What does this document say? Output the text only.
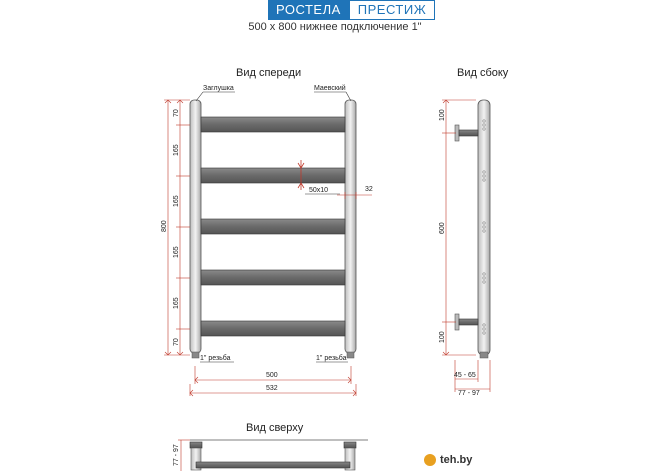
РОСТЕЛА	ПРЕСТИЖ
500 х 800 нижнее подключение 1"
Вид спереди	Вид сбоку
Вид сверху
Заглушка	Маевский
1" резьба	1" резьба
50х10	32
800
70
165
165
165
165
70
500
532
100
600
100
45 - 65
77 - 97
77 - 97	teh.by
